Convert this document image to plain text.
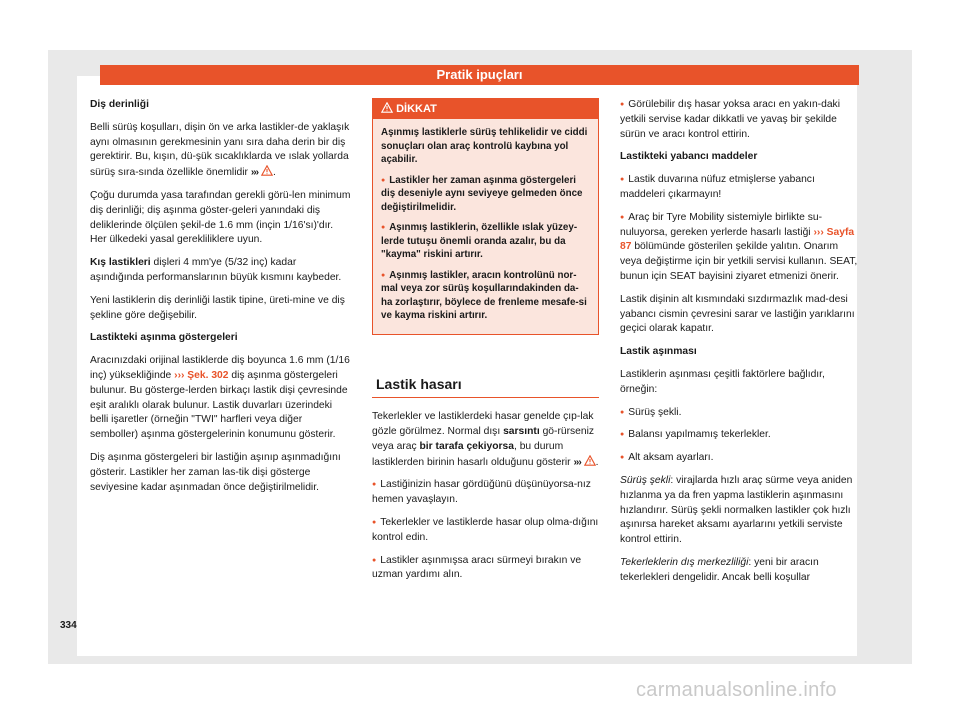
Pratik ipuçları

Diş derinliği

Belli sürüş koşulları, dişin ön ve arka lastikler-de yaklaşık aynı olmasının gerekmesinin yanı sıra daha derin bir diş gerektirir. Bu, kışın, dü-şük sıcaklıklarda ve ıslak yollarda sürüş sıra-sında özellikle önemlidir ››› .

Çoğu durumda yasa tarafından gerekli görü-len minimum diş derinliği; diş aşınma göster-geleri yanındaki diş deliklerinde ölçülen şekil-de 1.6 mm (inçin 1/16'sı)'dır. Her ülkedeki yasal gerekliliklere uyun.

Kış lastikleri dişleri 4 mm'ye (5/32 inç) kadar aşındığında performanslarının büyük kısmını kaybeder.

Yeni lastiklerin diş derinliği lastik tipine, üreti-mine ve diş şekline göre değişebilir.

Lastikteki aşınma göstergeleri

Aracınızdaki orijinal lastiklerde diş boyunca 1.6 mm (1/16 inç) yüksekliğinde ››› Şek. 302 diş aşınma göstergeleri bulunur. Bu gösterge-lerden birkaçı lastik dişi çevresinde eşit aralıklı olarak bulunur. Lastik duvarları üzerindeki belli işaretler (örneğin "TWI" harfleri veya diğer semboller) aşınma göstergelerinin konumunu gösterir.

Diş aşınma göstergeleri bir lastiğin aşınıp aşınmadığını gösterir. Lastikler her zaman las-tik dişi gösterge seviyesine kadar aşınmadan önce değiştirilmelidir.

DİKKAT

Aşınmış lastiklerle sürüş tehlikelidir ve ciddi sonuçları olan araç kontrolü kaybına yol açabilir.

● Lastikler her zaman aşınma göstergeleri diş deseniyle aynı seviyeye gelmeden önce değiştirilmelidir.

● Aşınmış lastiklerin, özellikle ıslak yüzey-lerde tutuşu önemli oranda azalır, bu da "kayma" riskini artırır.

● Aşınmış lastikler, aracın kontrolünü nor-mal veya zor sürüş koşullarındakinden da-ha zorlaştırır, böylece de frenleme mesafe-si ve kayma riskini artırır.

Lastik hasarı

Tekerlekler ve lastiklerdeki hasar genelde çıp-lak gözle görülmez. Normal dışı sarsıntı gö-rürseniz veya araç bir tarafa çekiyorsa, bu durum lastiklerden birinin hasarlı olduğunu gösterir ››› .

● Lastiğinizin hasar gördüğünü düşünüyorsa-nız hemen yavaşlayın.

● Tekerlekler ve lastiklerde hasar olup olma-dığını kontrol edin.

● Lastikler aşınmışsa aracı sürmeyi bırakın ve uzman yardımı alın.

● Görülebilir dış hasar yoksa aracı en yakın-daki yetkili servise kadar dikkatli ve yavaş bir şekilde sürün ve aracı kontrol ettirin.

Lastikteki yabancı maddeler

● Lastik duvarına nüfuz etmişlerse yabancı maddeleri çıkarmayın!

● Araç bir Tyre Mobility sistemiyle birlikte su-nuluyorsa, gereken yerlerde hasarlı lastiği ››› Sayfa 87 bölümünde gösterilen şekilde yalıtın. Onarım veya değiştirme için bir yetkili servisi kullanın. SEAT, bunun için SEAT bayisini ziyaret etmenizi önerir.

Lastik dişinin alt kısmındaki sızdırmazlık mad-desi yabancı cismin çevresini sarar ve lastiğin yarıklarını geçici olarak kapatır.

Lastik aşınması

Lastiklerin aşınması çeşitli faktörlere bağlıdır, örneğin:

● Sürüş şekli.

● Balansı yapılmamış tekerlekler.

● Alt aksam ayarları.

Sürüş şekli: virajlarda hızlı araç sürme veya aniden hızlanma ya da fren yapma lastiklerin aşınmasını hızlandırır. Sürüş şekli normalken lastikler çok hızlı aşınırsa hareket aksamı ayarlarını yetkili serviste kontrol ettirin.

Tekerleklerin dış merkezliliği: yeni bir aracın tekerlekleri dengelidir. Ancak belli koşullar

334
carmanualsonline.info
